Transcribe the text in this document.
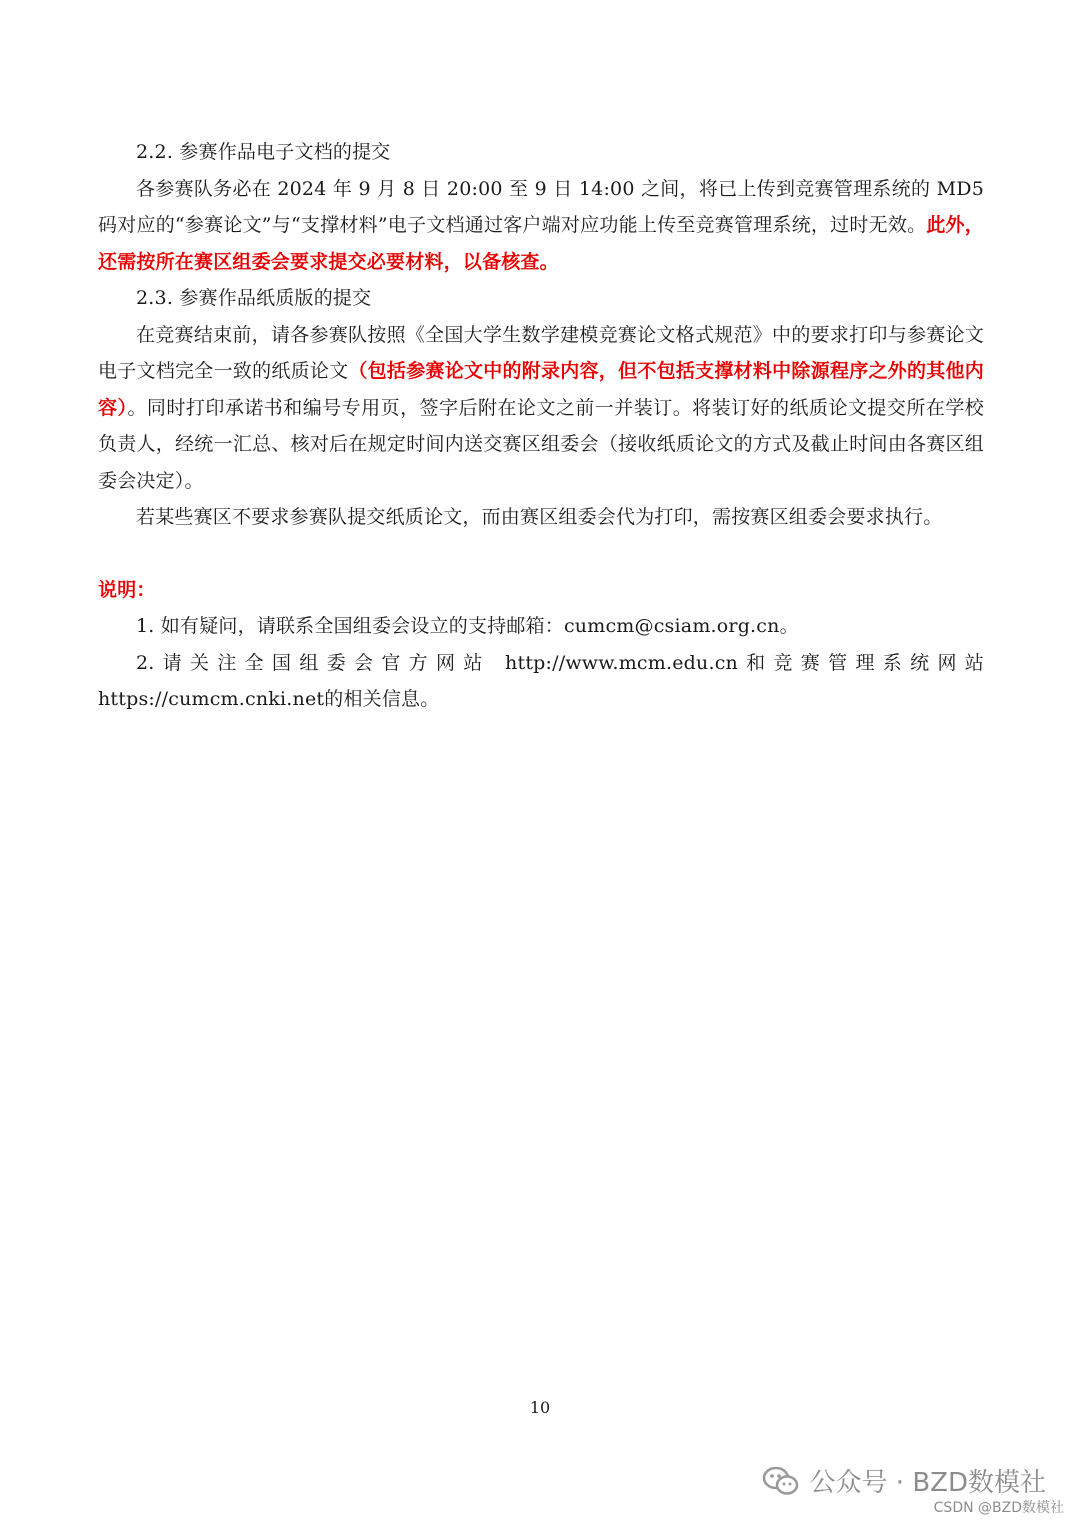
2.2. 参赛作品电子文档的提交

各参赛队务必在 2024 年 9 月 8 日 20:00 至 9 日 14:00 之间，将已上传到竞赛管理系统的 MD5 码对应的“参赛论文”与“支撑材料”电子文档通过客户端对应功能上传至竞赛管理系统，过时无效。此外，还需按所在赛区组委会要求提交必要材料，以备核查。

2.3. 参赛作品纸质版的提交

在竞赛结束前，请各参赛队按照《全国大学生数学建模竞赛论文格式规范》中的要求打印与参赛论文电子文档完全一致的纸质论文（包括参赛论文中的附录内容，但不包括支撑材料中除源程序之外的其他内容）。同时打印承诺书和编号专用页，签字后附在论文之前一并装订。将装订好的纸质论文提交所在学校负责人，经统一汇总、核对后在规定时间内送交赛区组委会（接收纸质论文的方式及截止时间由各赛区组委会决定）。

若某些赛区不要求参赛队提交纸质论文，而由赛区组委会代为打印，需按赛区组委会要求执行。

说明：

1. 如有疑问，请联系全国组委会设立的支持邮箱：cumcm@csiam.org.cn。

2.请关注全国组委会官方网站 http://www.mcm.edu.cn和竞赛管理系统网站 https://cumcm.cnki.net的相关信息。

10
公众号 · BZD数模社
CSDN @BZD数模社
